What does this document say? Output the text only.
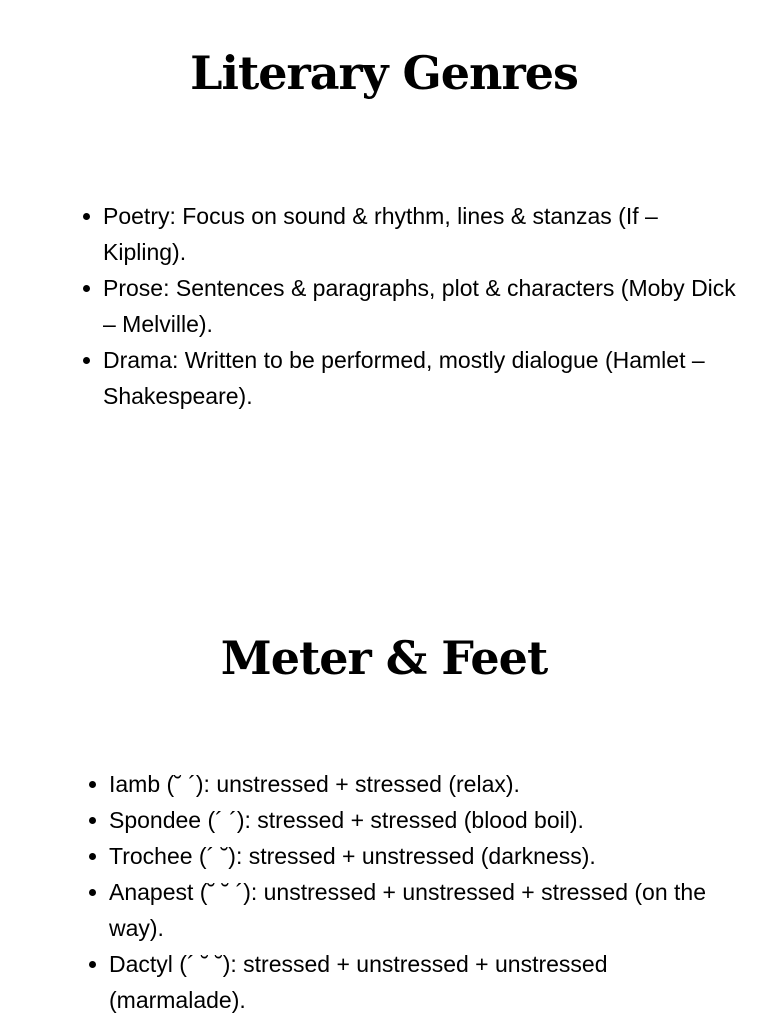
Literary Genres
Poetry: Focus on sound & rhythm, lines & stanzas (If – Kipling).
Prose: Sentences & paragraphs, plot & characters (Moby Dick – Melville).
Drama: Written to be performed, mostly dialogue (Hamlet – Shakespeare).
Meter & Feet
Iamb (˘ ´): unstressed + stressed (relax).
Spondee (´ ´): stressed + stressed (blood boil).
Trochee (´ ˘): stressed + unstressed (darkness).
Anapest (˘ ˘ ´): unstressed + unstressed + stressed (on the way).
Dactyl (´ ˘ ˘): stressed + unstressed + unstressed (marmalade).
